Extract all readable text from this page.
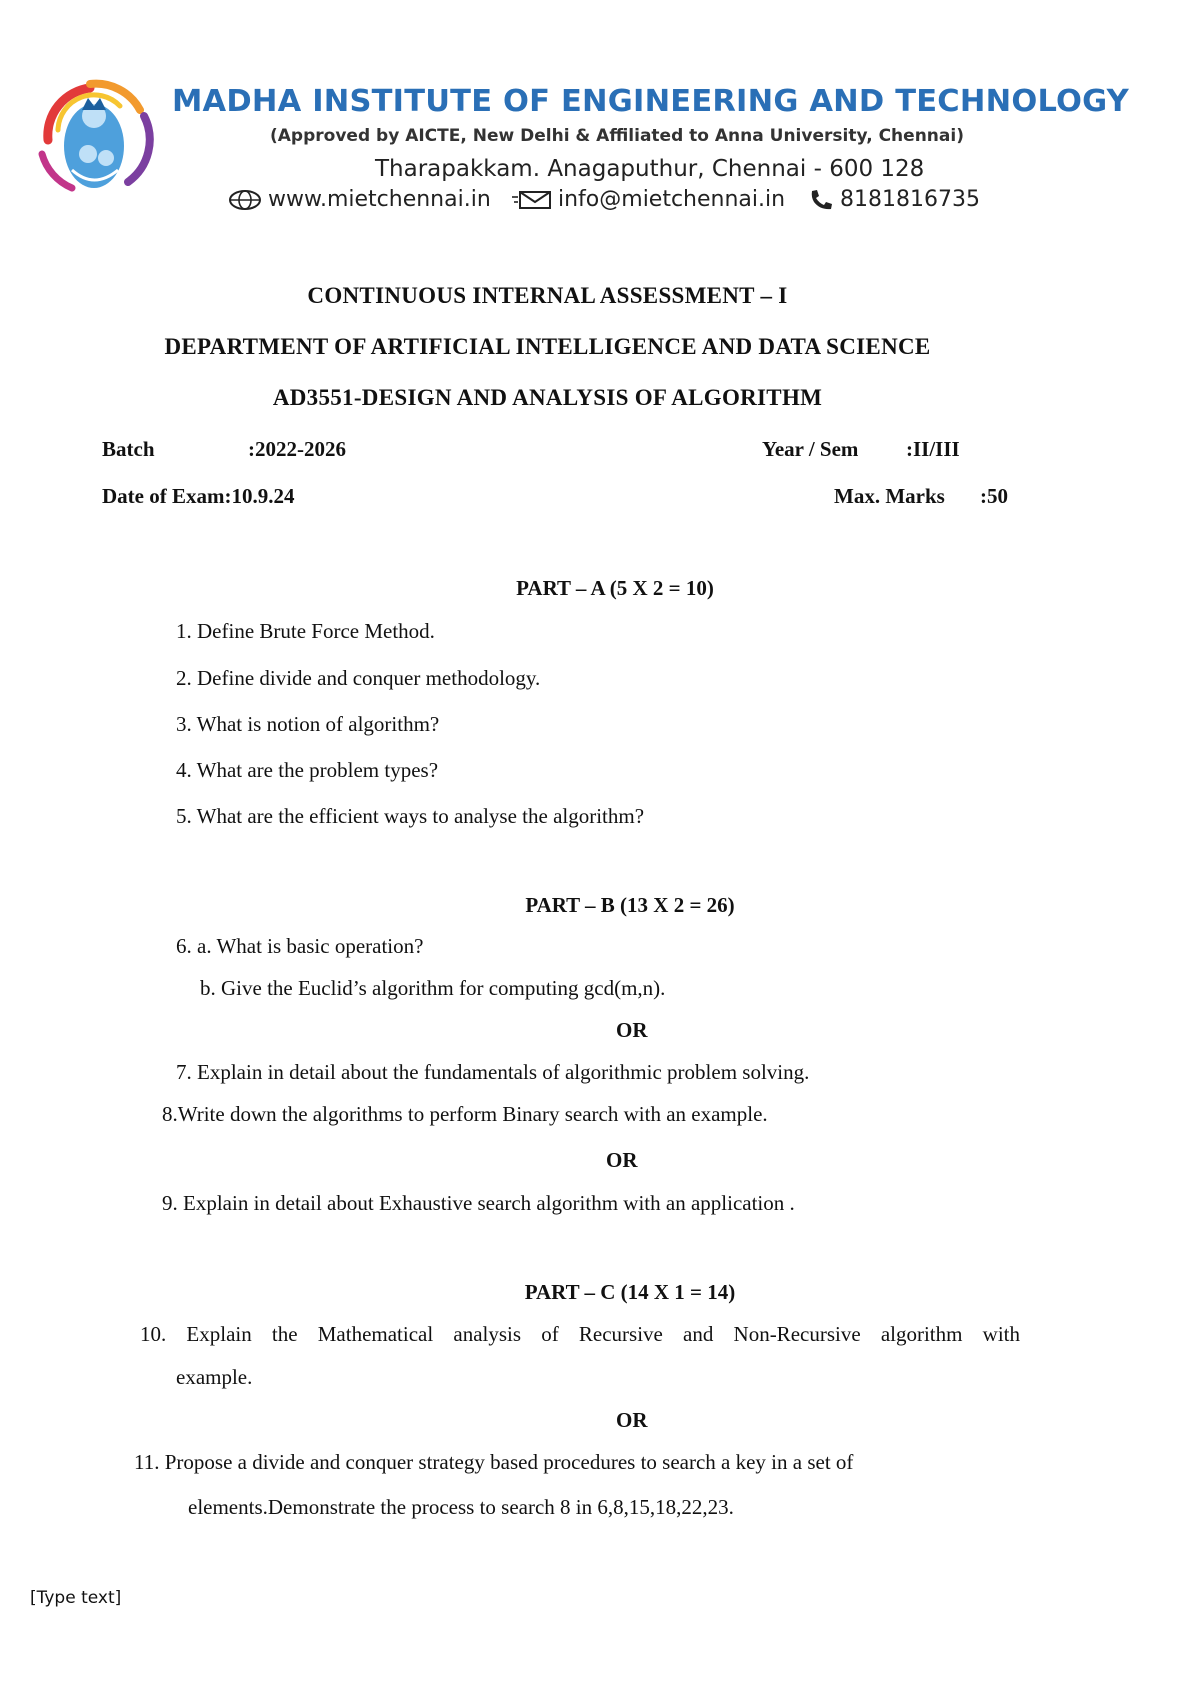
MADHA INSTITUTE OF ENGINEERING AND TECHNOLOGY
(Approved by AICTE, New Delhi & Affiliated to Anna University, Chennai)
Tharapakkam. Anagaputhur, Chennai - 600 128
www.mietchennai.in	info@mietchennai.in 8181816735
CONTINUOUS INTERNAL ASSESSMENT – I
DEPARTMENT OF ARTIFICIAL INTELLIGENCE AND DATA SCIENCE
AD3551-DESIGN AND ANALYSIS OF ALGORITHM
Batch	:2022-2026	Year / Sem :II/III
Date of Exam:10.9.24	Max. Marks :50
PART – A (5 X 2 = 10)
1. Define Brute Force Method.
2. Define divide and conquer methodology.
3. What is notion of algorithm?
4. What are the problem types?
5. What are the efficient ways to analyse the algorithm?
PART – B (13 X 2 = 26)
6. a. What is basic operation?
b. Give the Euclid’s algorithm for computing gcd(m,n).
OR
7. Explain in detail about the fundamentals of algorithmic problem solving.
8.Write down the algorithms to perform Binary search with an example.
OR
9. Explain in detail about Exhaustive search algorithm with an application .
PART – C (14 X 1 = 14)
10. Explain the Mathematical analysis of Recursive and Non-Recursive algorithm with
example.
OR
11. Propose a divide and conquer strategy based procedures to search a key in a set of
elements.Demonstrate the process to search 8 in 6,8,15,18,22,23.
[Type text]
